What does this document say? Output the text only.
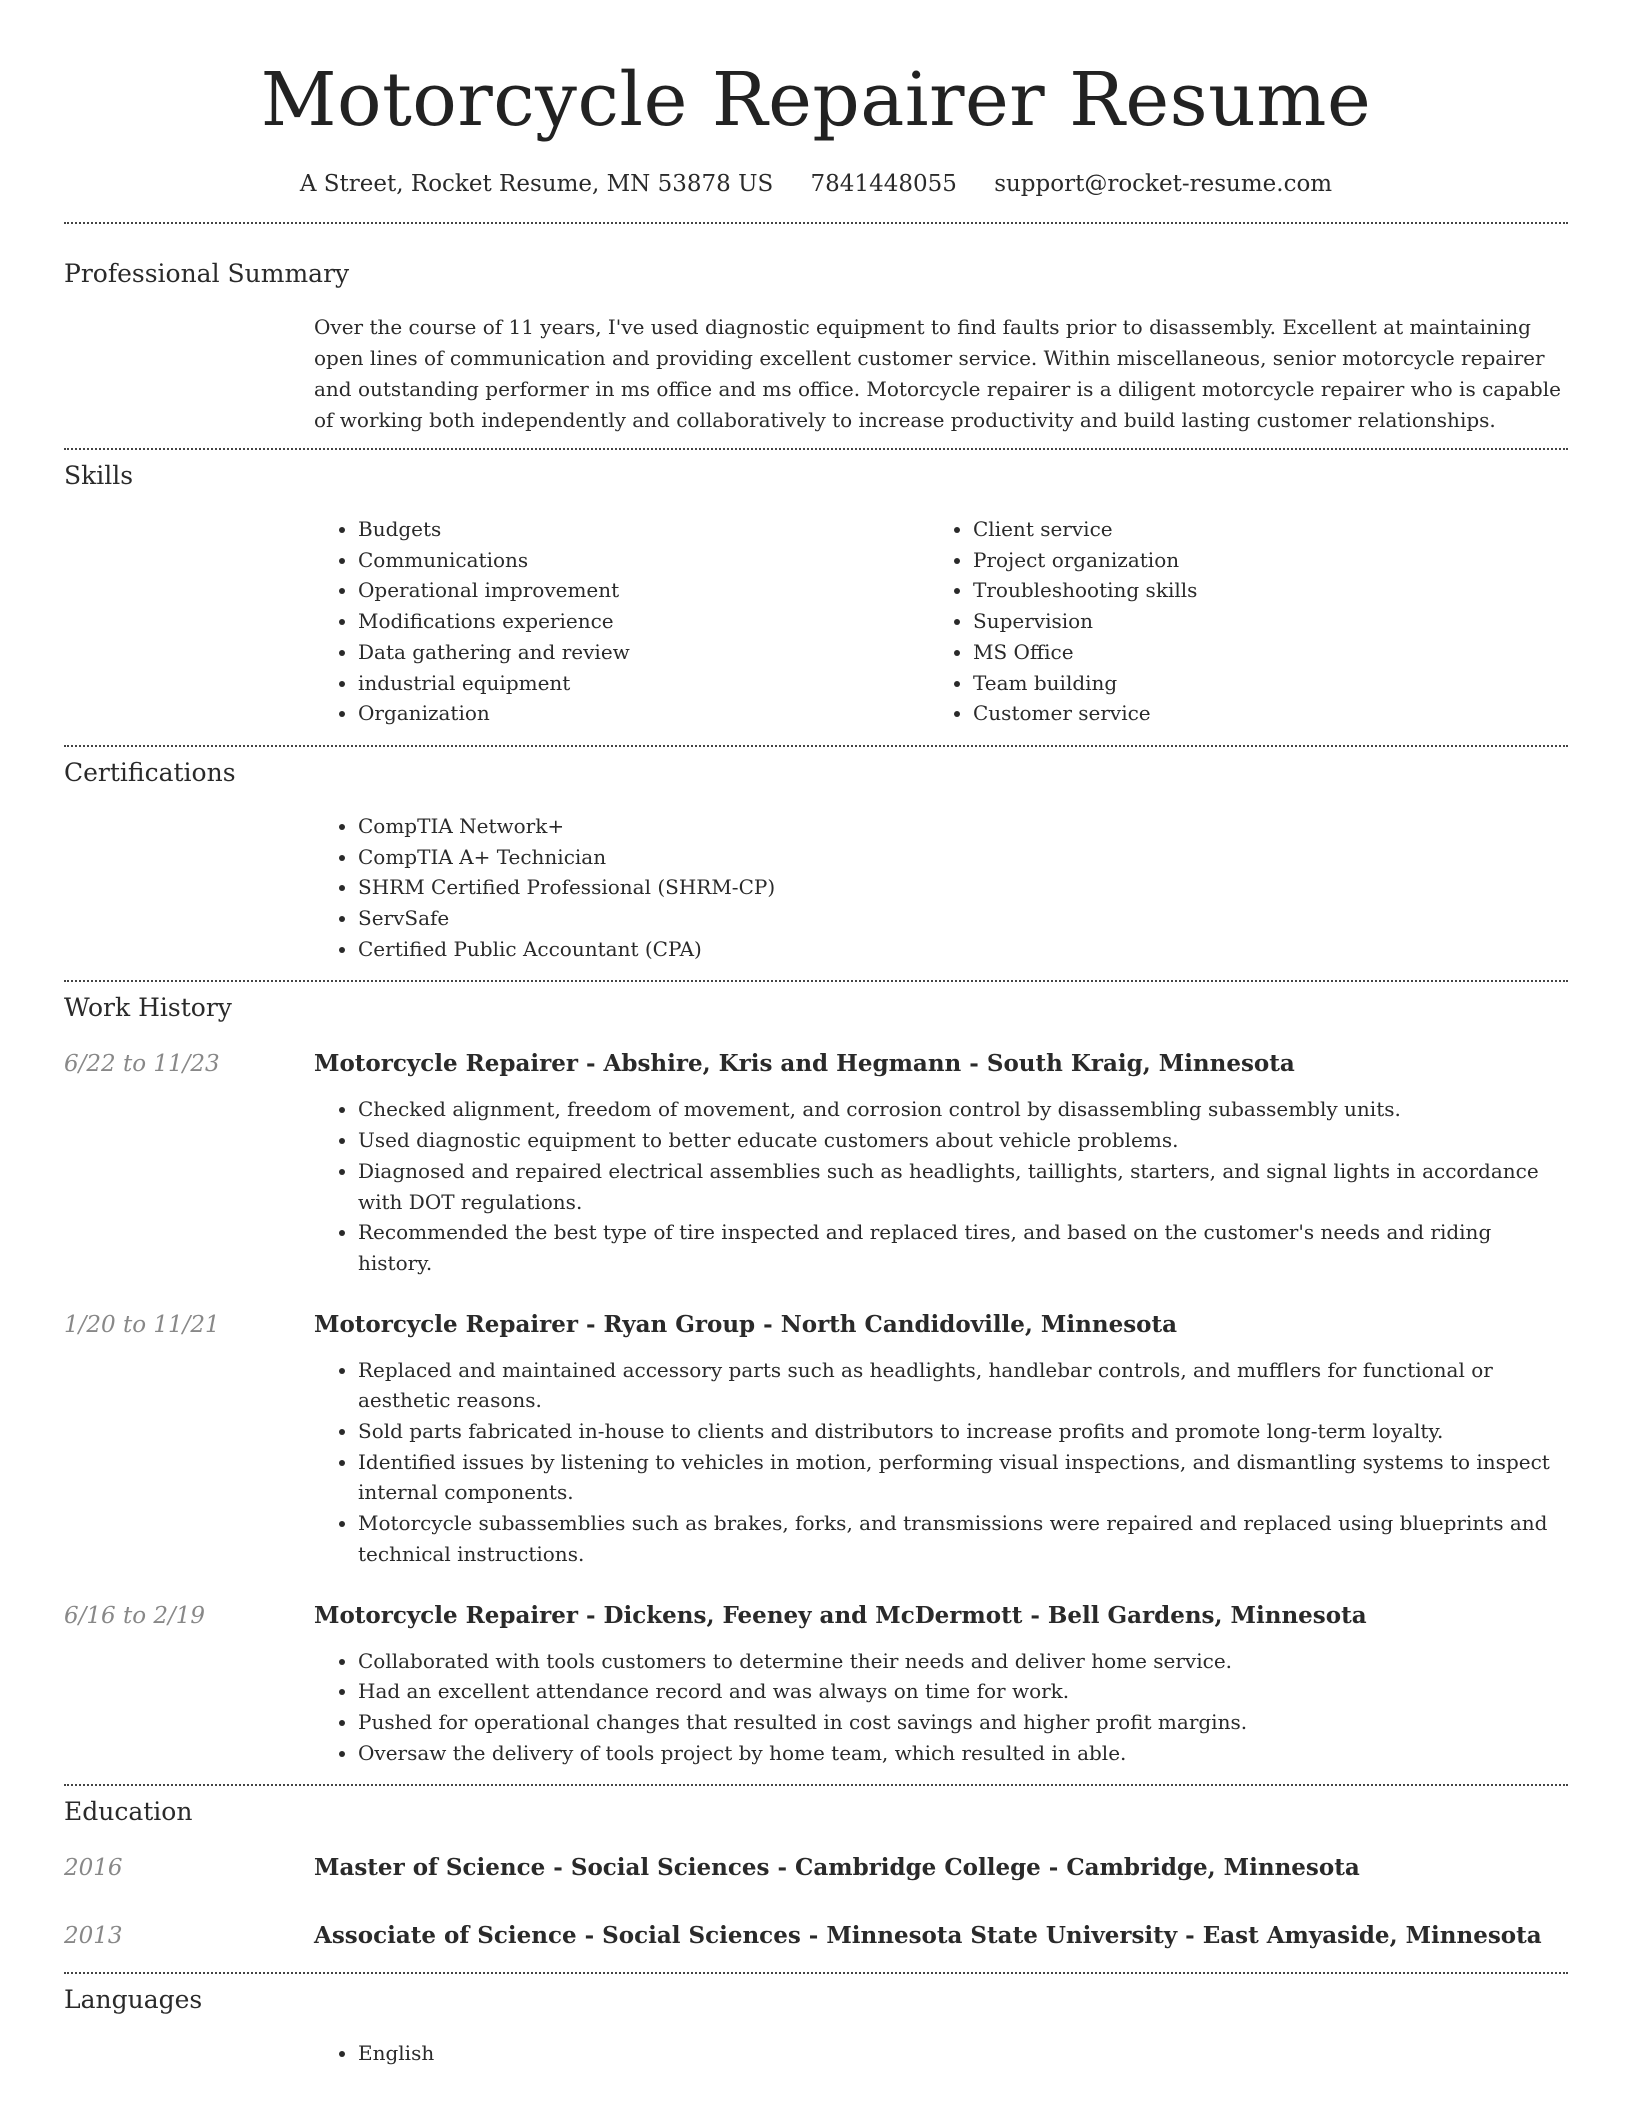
Motorcycle Repairer Resume
A Street, Rocket Resume, MN 53878 US 7841448055 support@rocket-resume.com
Professional Summary

Over the course of 11 years, I've used diagnostic equipment to find faults prior to disassembly. Excellent at maintaining open lines of communication and providing excellent customer service. Within miscellaneous, senior motorcycle repairer and outstanding performer in ms office and ms office. Motorcycle repairer is a diligent motorcycle repairer who is capable of working both independently and collaboratively to increase productivity and build lasting customer relationships.

Skills
• Budgets
• Communications
• Operational improvement
• Modifications experience
• Data gathering and review
• industrial equipment
• Organization
• Client service
• Project organization
• Troubleshooting skills
• Supervision
• MS Office
• Team building
• Customer service
Certifications
• CompTIA Network+
• CompTIA A+ Technician
• SHRM Certified Professional (SHRM-CP)
• ServSafe
• Certified Public Accountant (CPA)
Work History
6/22 to 11/23	Motorcycle Repairer - Abshire, Kris and Hegmann - South Kraig, Minnesota
• Checked alignment, freedom of movement, and corrosion control by disassembling subassembly units.
• Used diagnostic equipment to better educate customers about vehicle problems.
• Diagnosed and repaired electrical assemblies such as headlights, taillights, starters, and signal lights in accordance with DOT regulations.
• Recommended the best type of tire inspected and replaced tires, and based on the customer's needs and riding history.
1/20 to 11/21	Motorcycle Repairer - Ryan Group - North Candidoville, Minnesota
• Replaced and maintained accessory parts such as headlights, handlebar controls, and mufflers for functional or aesthetic reasons.
• Sold parts fabricated in-house to clients and distributors to increase profits and promote long-term loyalty.
• Identified issues by listening to vehicles in motion, performing visual inspections, and dismantling systems to inspect internal components.
• Motorcycle subassemblies such as brakes, forks, and transmissions were repaired and replaced using blueprints and technical instructions.
6/16 to 2/19	Motorcycle Repairer - Dickens, Feeney and McDermott - Bell Gardens, Minnesota
• Collaborated with tools customers to determine their needs and deliver home service.
• Had an excellent attendance record and was always on time for work.
• Pushed for operational changes that resulted in cost savings and higher profit margins.
• Oversaw the delivery of tools project by home team, which resulted in able.
Education
2016	Master of Science - Social Sciences - Cambridge College - Cambridge, Minnesota
2013	Associate of Science - Social Sciences - Minnesota State University - East Amyaside, Minnesota
Languages
• English
